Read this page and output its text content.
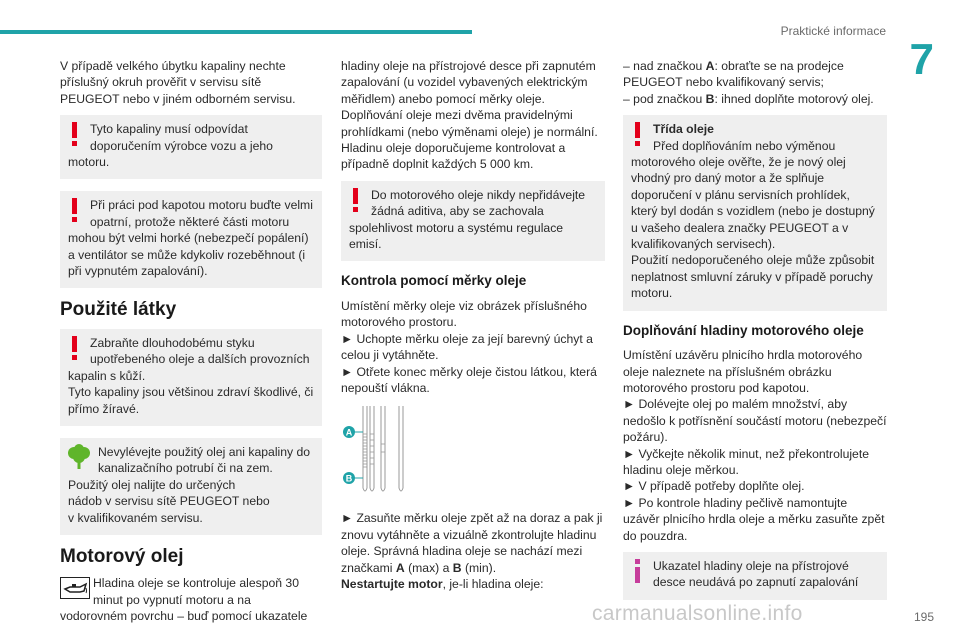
Praktické informace
7

V případě velkého úbytku kapaliny nechte příslušný okruh prověřit v servisu sítě PEUGEOT nebo v jiném odborném servisu.

Tyto kapaliny musí odpovídat doporučením výrobce vozu a jeho
motoru.
Při práci pod kapotou motoru buďte velmi opatrní, protože některé části motoru
mohou být velmi horké (nebezpečí popálení) a ventilátor se může kdykoliv rozeběhnout (i při vypnutém zapalování).
Použité látky
Zabraňte dlouhodobému styku upotřebeného oleje a dalších provozních
kapalin s kůží.
Tyto kapaliny jsou většinou zdraví škodlivé, či přímo žíravé.
Nevylévejte použitý olej ani kapaliny do kanalizačního potrubí či na zem.
Použitý olej nalijte do určených
nádob v servisu sítě PEUGEOT nebo
v kvalifikovaném servisu.
Motorový olej
Hladina oleje se kontroluje alespoň 30 minut po vypnutí motoru a na
vodorovném povrchu – buď pomocí ukazatele

hladiny oleje na přístrojové desce při zapnutém zapalování (u vozidel vybavených elektrickým měřidlem) anebo pomocí měrky oleje.

Doplňování oleje mezi dvěma pravidelnými prohlídkami (nebo výměnami oleje) je normální. Hladinu oleje doporučujeme kontrolovat a případně doplnit každých 5 000 km.

Do motorového oleje nikdy nepřidávejte žádná aditiva, aby se zachovala
spolehlivost motoru a systému regulace emisí.
Kontrola pomocí měrky oleje

Umístění měrky oleje viz obrázek příslušného motorového prostoru.

► Uchopte měrku oleje za její barevný úchyt a celou ji vytáhněte.

► Otřete konec měrky oleje čistou látkou, která nepouští vlákna.

A
B

► Zasuňte měrku oleje zpět až na doraz a pak ji znovu vytáhněte a vizuálně zkontrolujte hladinu oleje. Správná hladina oleje se nachází mezi značkami A (max) a B (min).

Nestartujte motor, je-li hladina oleje:

– nad značkou A: obraťte se na prodejce PEUGEOT nebo kvalifikovaný servis;

– pod značkou B: ihned doplňte motorový olej.

Třída oleje
Před doplňováním nebo výměnou
motorového oleje ověřte, že je nový olej vhodný pro daný motor a že splňuje doporučení v plánu servisních prohlídek, který byl dodán s vozidlem (nebo je dostupný u vašeho dealera značky PEUGEOT a v kvalifikovaných servisech).
Použití nedoporučeného oleje může způsobit neplatnost smluvní záruky v případě poruchy motoru.
Doplňování hladiny motorového oleje

Umístění uzávěru plnicího hrdla motorového oleje naleznete na příslušném obrázku motorového prostoru pod kapotou.

► Dolévejte olej po malém množství, aby nedošlo k potřísnění součástí motoru (nebezpečí požáru).

► Vyčkejte několik minut, než překontrolujete hladinu oleje měrkou.

► V případě potřeby doplňte olej.

► Po kontrole hladiny pečlivě namontujte uzávěr plnicího hrdla oleje a měrku zasuňte zpět do pouzdra.

Ukazatel hladiny oleje na přístrojové desce neudává po zapnutí zapalování
carmanualsonline.info	195
